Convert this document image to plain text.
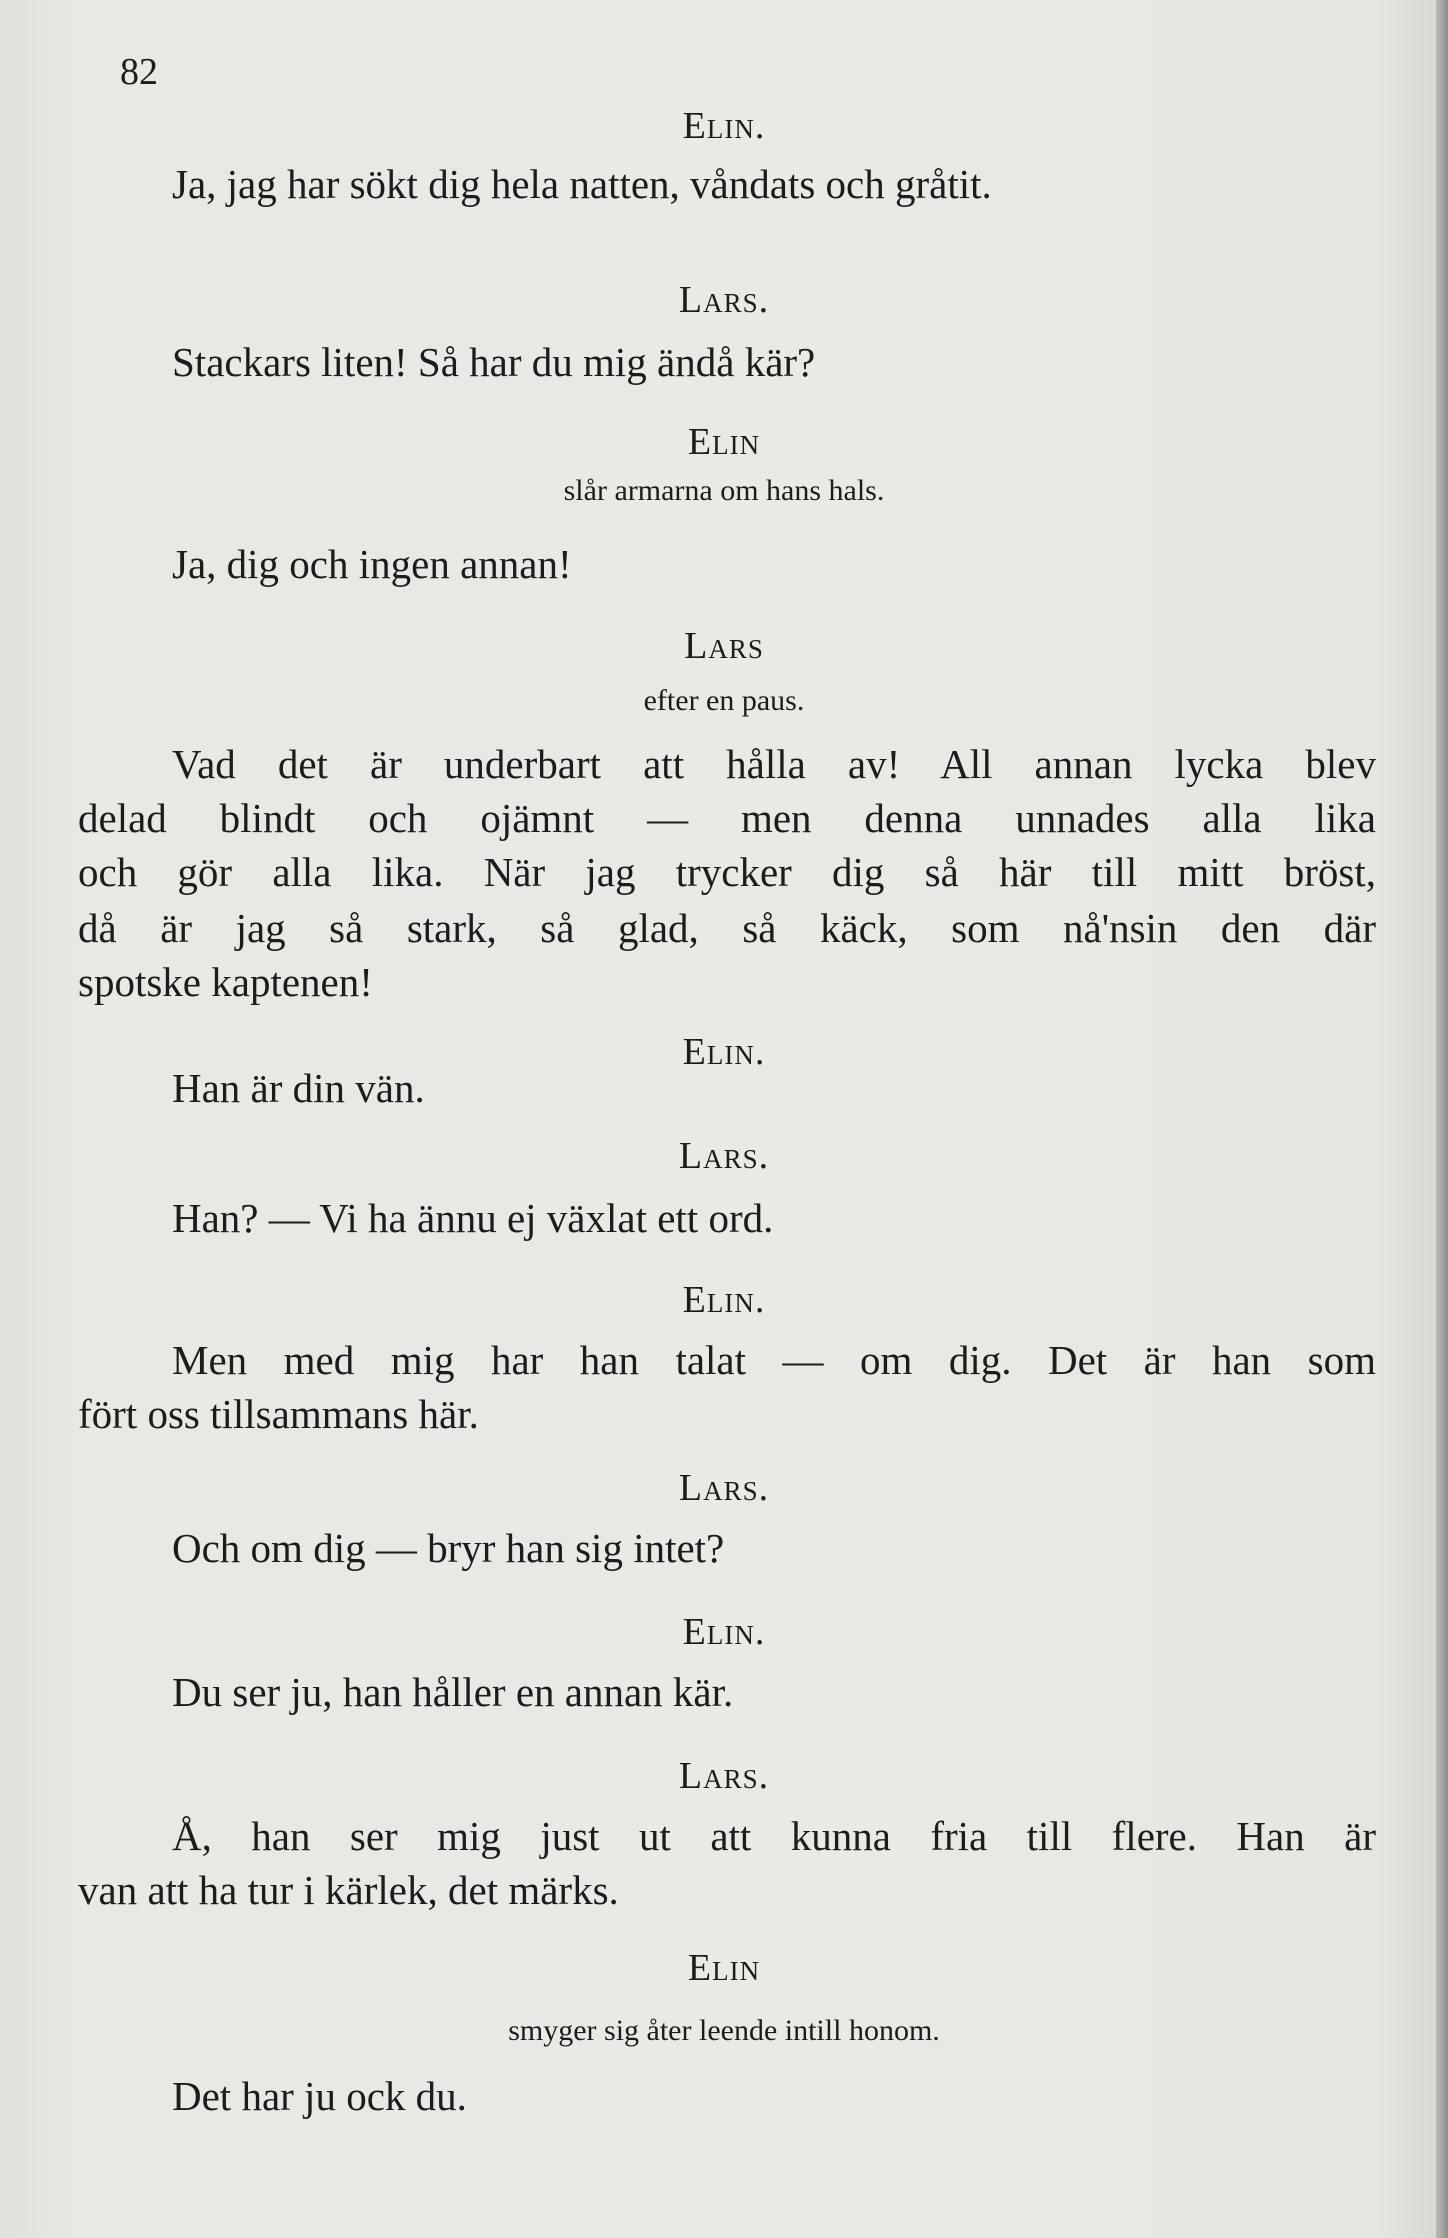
82
Elin.
Ja, jag har sökt dig hela natten, våndats och gråtit.
Lars.
Stackars liten! Så har du mig ändå kär?
Elin
slår armarna om hans hals.
Ja, dig och ingen annan!
Lars
efter en paus.
Vad det är underbart att hålla av! All annan lycka blev
delad blindt och ojämnt — men denna unnades alla lika
och gör alla lika. När jag trycker dig så här till mitt bröst,
då är jag så stark, så glad, så käck, som nå'nsin den där
spotske kaptenen!
Elin.
Han är din vän.
Lars.
Han? — Vi ha ännu ej växlat ett ord.
Elin.
Men med mig har han talat — om dig. Det är han som
fört oss tillsammans här.
Lars.
Och om dig — bryr han sig intet?
Elin.
Du ser ju, han håller en annan kär.
Lars.
Å, han ser mig just ut att kunna fria till flere. Han är
van att ha tur i kärlek, det märks.
Elin
smyger sig åter leende intill honom.
Det har ju ock du.
